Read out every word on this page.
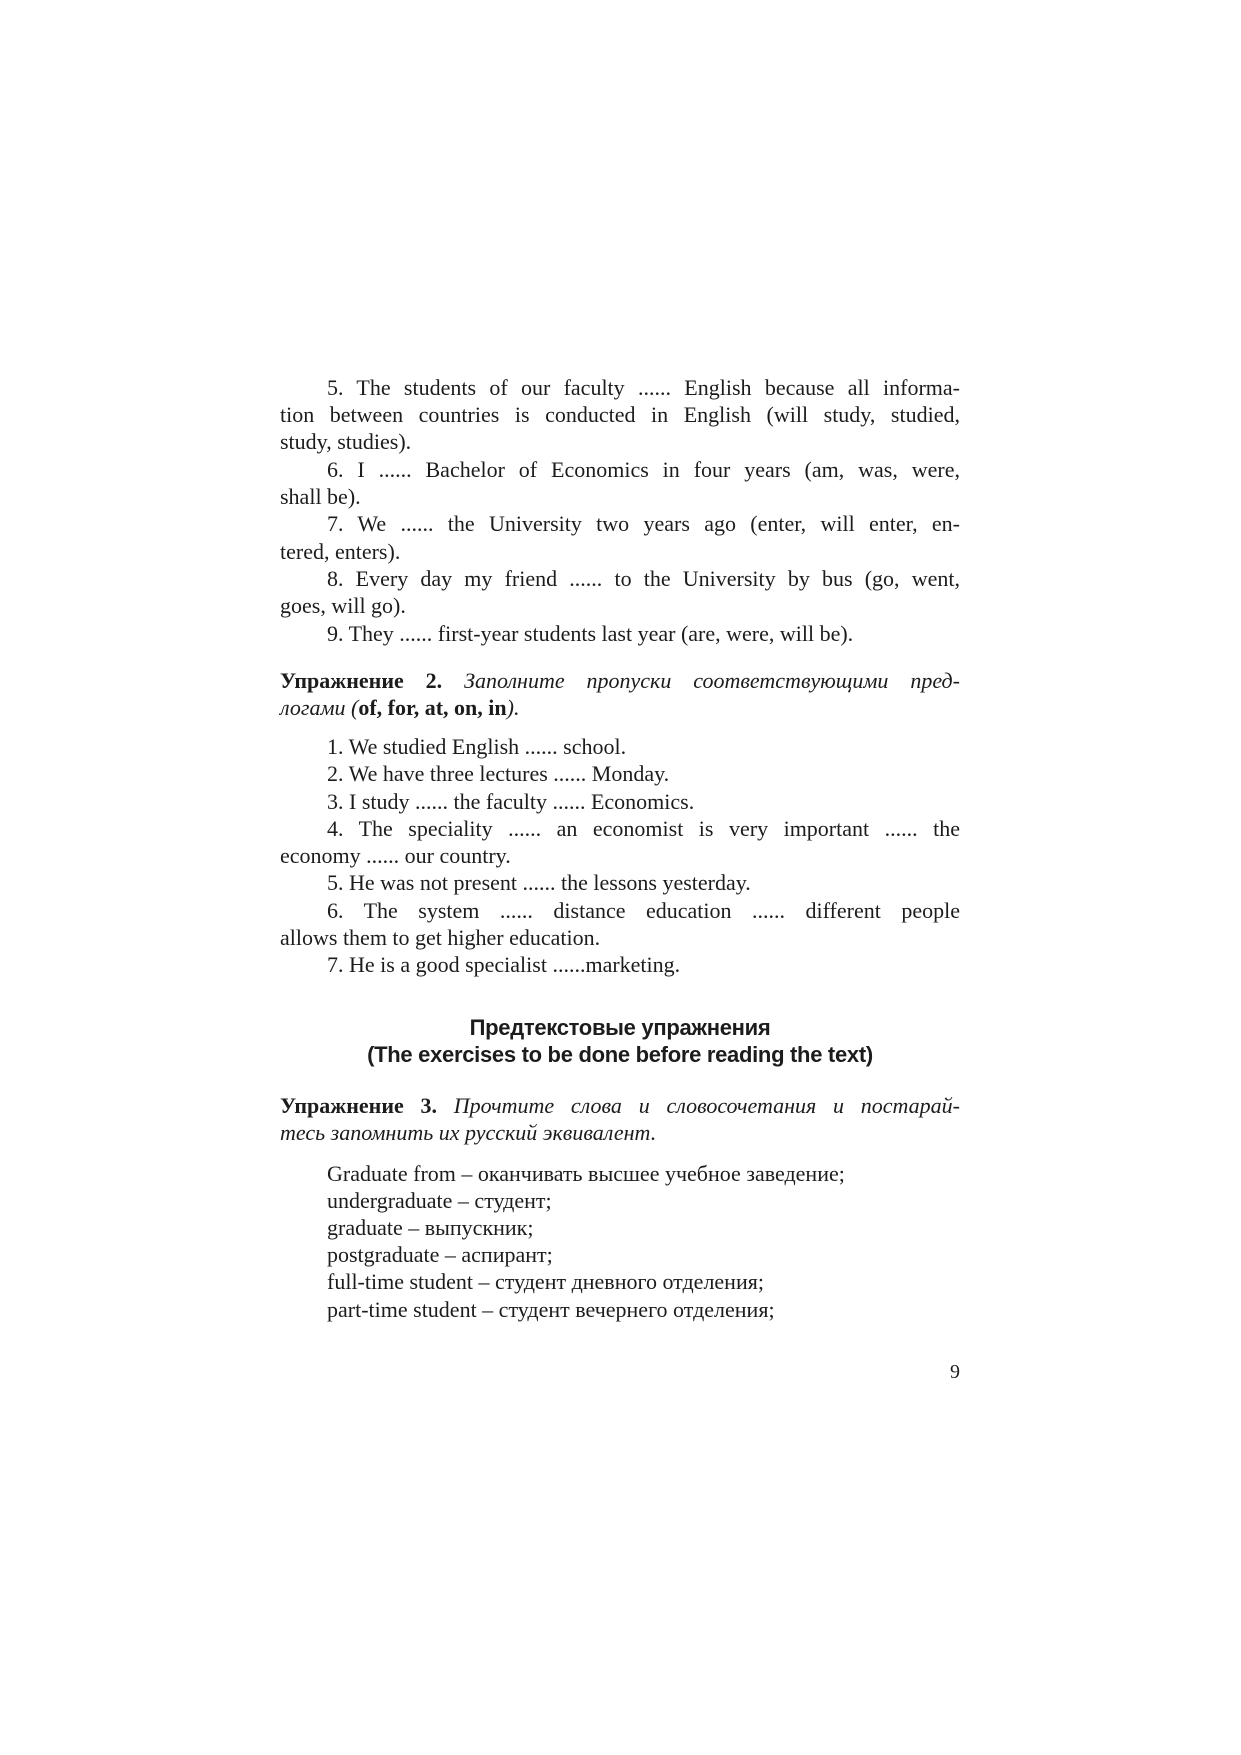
5. The students of our faculty ...... English because all informa-
tion between countries is conducted in English (will study, studied,
study, studies).
6. I ...... Bachelor of Economics in four years (am, was, were,
shall be).
7. We ...... the University two years ago (enter, will enter, en-
tered, enters).
8. Every day my friend ...... to the University by bus (go, went,
goes, will go).
9. They ...... first-year students last year (are, were, will be).
Упражнение 2. Заполните пропуски соответствующими пред-
логами (of, for, at, on, in).
1. We studied English ...... school.
2. We have three lectures ...... Monday.
3. I study ...... the faculty ...... Economics.
4. The speciality ...... an economist is very important ...... the
economy ...... our country.
5. He was not present ...... the lessons yesterday.
6. The system ...... distance education ...... different people
allows them to get higher education.
7. He is a good specialist ......marketing.
Предтекстовые упражнения
(The exercises to be done before reading the text)
Упражнение 3. Прочтите слова и словосочетания и постарай-
тесь запомнить их русский эквивалент.
Graduate from – оканчивать высшее учебное заведение;
undergraduate – студент;
graduate – выпускник;
postgraduate – аспирант;
full-time student – студент дневного отделения;
part-time student – студент вечернего отделения;
9
